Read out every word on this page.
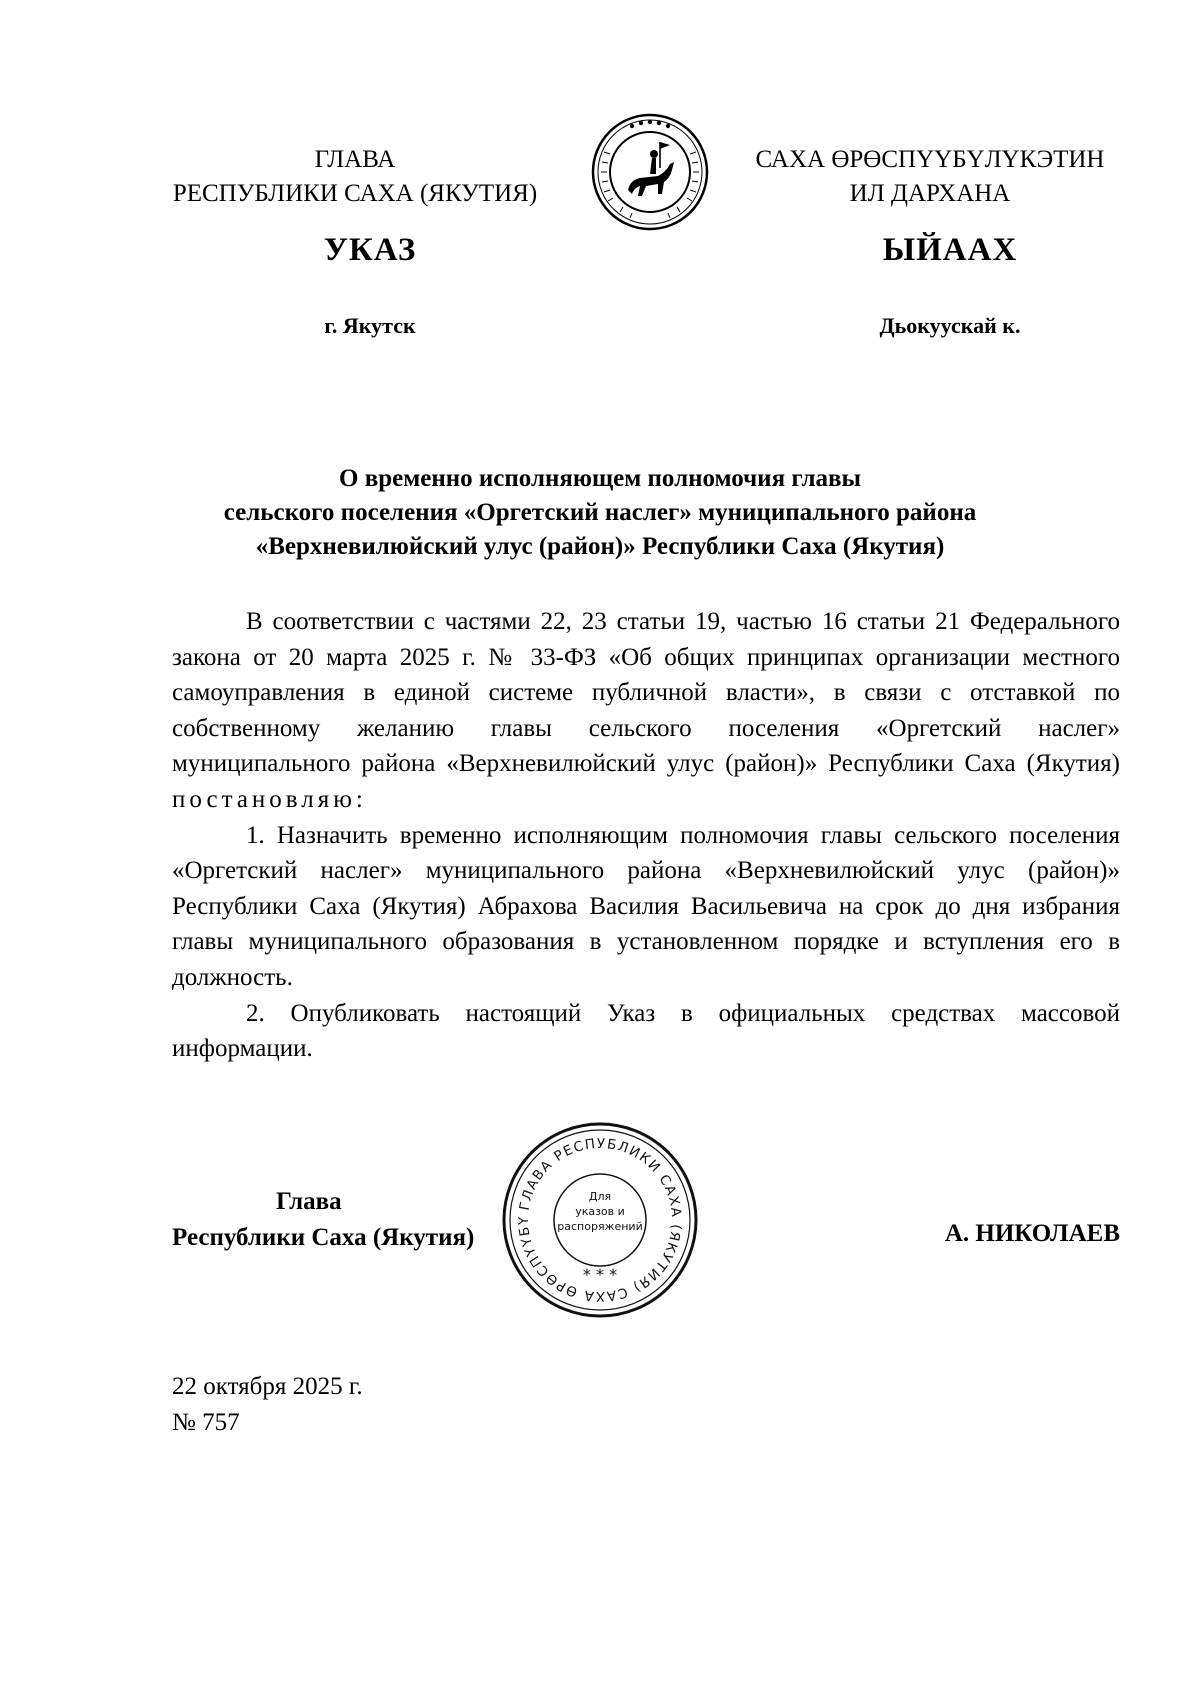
ГЛАВА
РЕСПУБЛИКИ САХА (ЯКУТИЯ)
САХА ӨРӨСПҮҮБҮЛҮКЭТИН
ИЛ ДАРХАНА
УКАЗ	ЫЙААХ
г. Якутск	Дьокуускай к.
О временно исполняющем полномочия главы
сельского поселения «Оргетский наслег» муниципального района
«Верхневилюйский улус (район)» Республики Саха (Якутия)

В соответствии с частями 22, 23 статьи 19, частью 16 статьи 21 Федерального закона от 20 марта 2025 г. № 33-ФЗ «Об общих принципах организации местного самоуправления в единой системе публичной власти», в связи с отставкой по собственному желанию главы сельского поселения «Оргетский наслег» муниципального района «Верхневилюйский улус (район)» Республики Саха (Якутия) постановляю:

1. Назначить временно исполняющим полномочия главы сельского поселения «Оргетский наслег» муниципального района «Верхневилюйский улус (район)» Республики Саха (Якутия) Абрахова Василия Васильевича на срок до дня избрания главы муниципального образования в установленном порядке и вступления его в должность.

2. Опубликовать настоящий Указ в официальных средствах массовой информации.

ГЛАВА РЕСПУБЛИКИ САХА (ЯКУТИЯ) САХА ӨРӨСПҮҮБҮ
Для
указов и
распоряжений
* * *
Глава
Республики Саха (Якутия)	А. НИКОЛАЕВ
22 октября 2025 г.
№ 757
